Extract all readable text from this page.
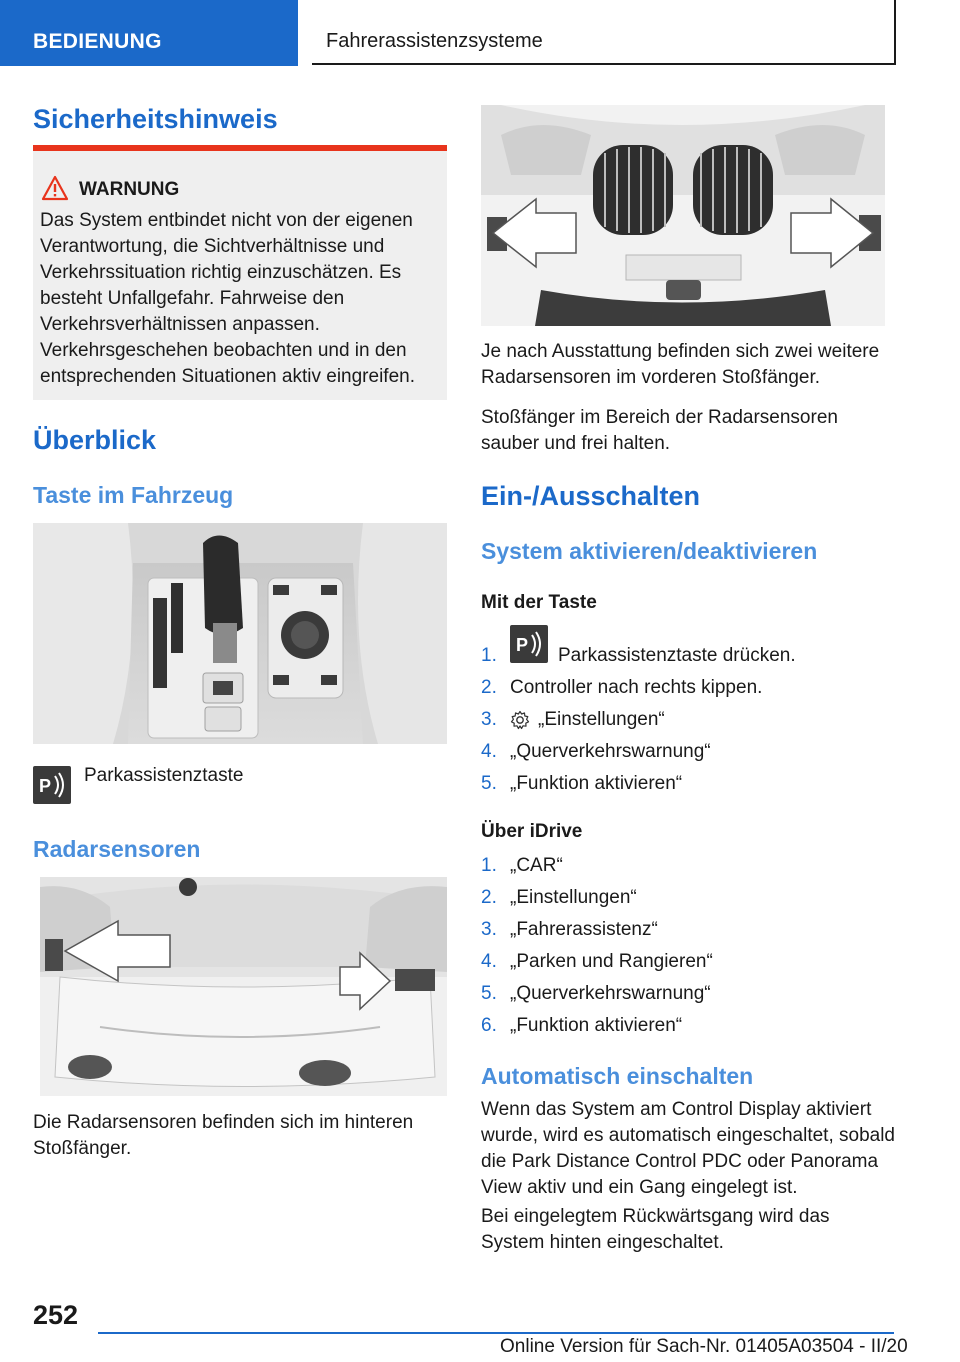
BEDIENUNG	Fahrerassistenzsysteme
Sicherheitshinweis
WARNUNG
Das System entbindet nicht von der eigenen Verantwortung, die Sichtverhältnisse und Verkehrssituation richtig einzuschätzen. Es besteht Unfallgefahr. Fahrweise den Verkehrsverhältnissen anpassen. Verkehrsgeschehen beobachten und in den entsprechenden Situationen aktiv eingreifen.
Überblick
Taste im Fahrzeug
P Parkassistenztaste

Radarsensoren

Die Radarsensoren befinden sich im hinteren Stoßfänger.

Je nach Ausstattung befinden sich zwei weitere Radarsensoren im vorderen Stoßfänger.

Stoßfänger im Bereich der Radarsensoren sauber und frei halten.

Ein-/Ausschalten
System aktivieren/deaktivieren
Mit der Taste
1. P Parkassistenztaste drücken.
2. Controller nach rechts kippen.
3. „Einstellungen“
4. „Querverkehrswarnung“
5. „Funktion aktivieren“
Über iDrive
1. „CAR“
2. „Einstellungen“
3. „Fahrerassistenz“
4. „Parken und Rangieren“
5. „Querverkehrswarnung“
6. „Funktion aktivieren“
Automatisch einschalten

Wenn das System am Control Display aktiviert wurde, wird es automatisch eingeschaltet, sobald die Park Distance Control PDC oder Panorama View aktiv und ein Gang eingelegt ist.

Bei eingelegtem Rückwärtsgang wird das System hinten eingeschaltet.

252
Online Version für Sach-Nr. 01405A03504 - II/20
